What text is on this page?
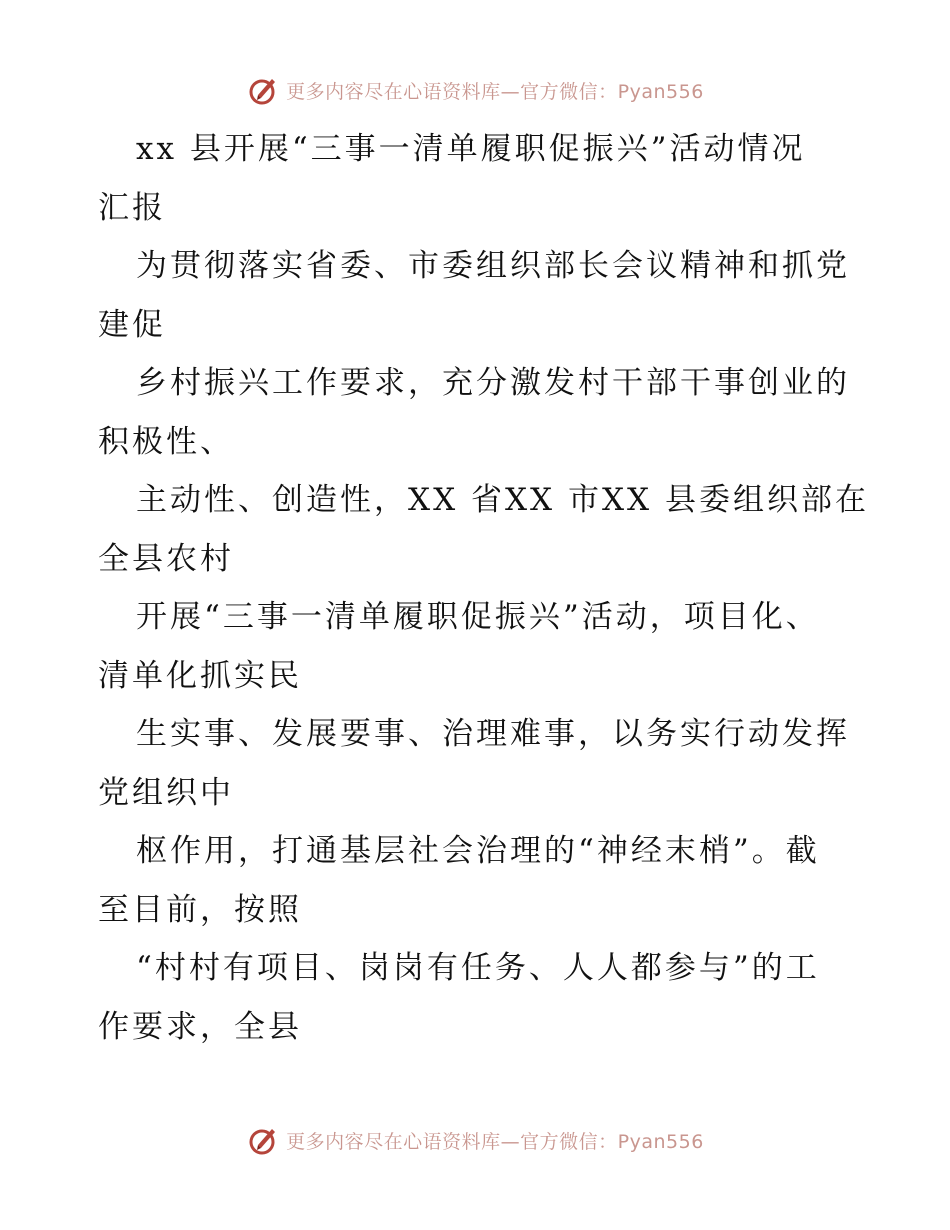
更多内容尽在心语资料库—官方微信：Pyan556
xx 县开展“三事一清单履职促振兴”活动情况
汇报
为贯彻落实省委、市委组织部长会议精神和抓党
建促
乡村振兴工作要求，充分激发村干部干事创业的
积极性、
主动性、创造性，XX 省XX 市XX 县委组织部在
全县农村
开展“三事一清单履职促振兴”活动，项目化、
清单化抓实民
生实事、发展要事、治理难事，以务实行动发挥
党组织中
枢作用，打通基层社会治理的“神经末梢”。截
至目前，按照
“村村有项目、岗岗有任务、人人都参与”的工
作要求，全县
更多内容尽在心语资料库—官方微信：Pyan556
